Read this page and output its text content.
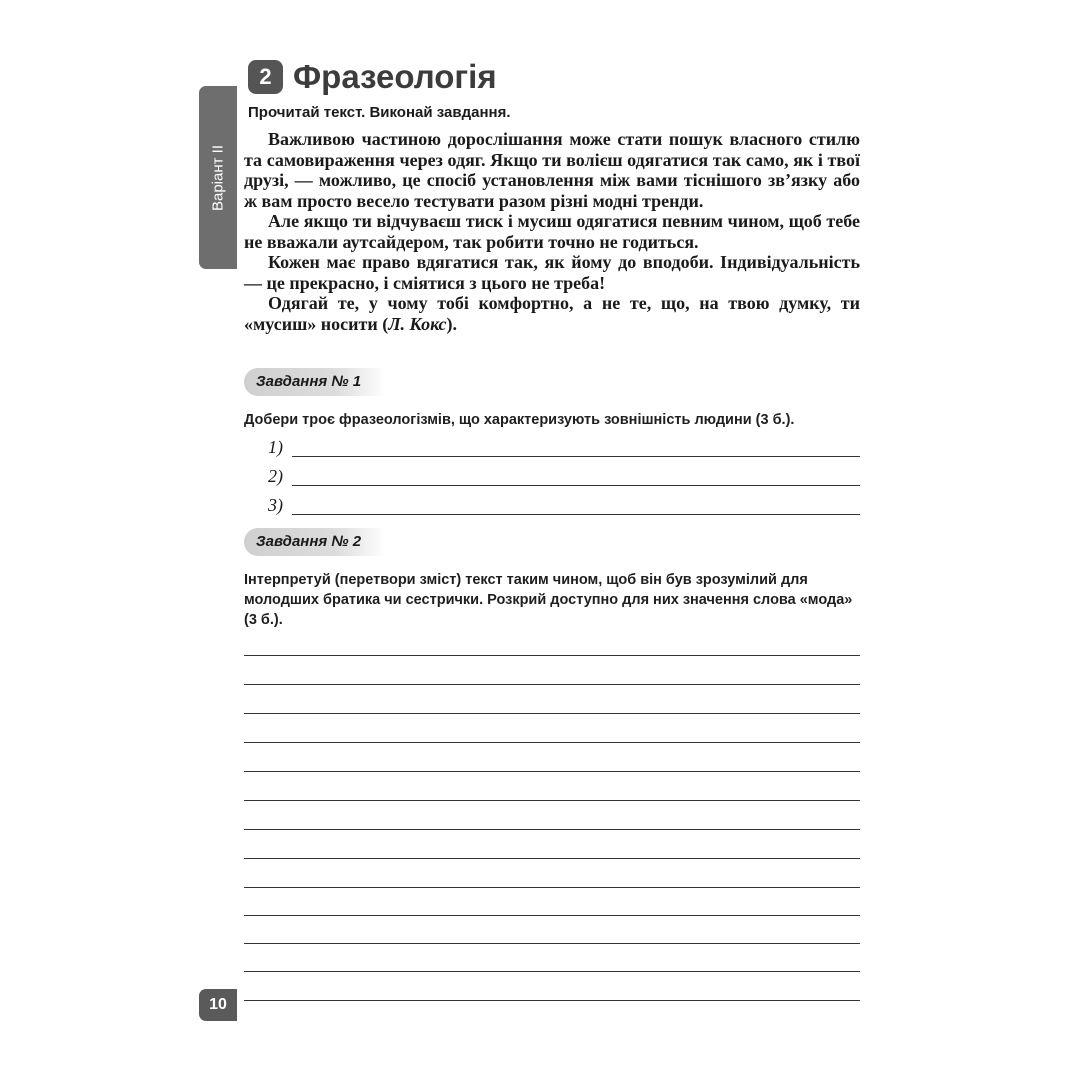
Варіант ІІ
2 Фразеологія
Прочитай текст. Виконай завдання.

Важливою частиною дорослішання може стати пошук власного стилю та самовираження через одяг. Якщо ти волієш одягатися так само, як і твої друзі, — можливо, це спосіб установлення між вами тіснішого зв’язку або ж вам просто весело тестувати разом різні модні тренди.

Але якщо ти відчуваєш тиск і мусиш одягатися певним чином, щоб тебе не вважали аутсайдером, так робити точно не годиться.

Кожен має право вдягатися так, як йому до вподоби. Індивідуальність — це прекрасно, і сміятися з цього не треба!

Одягай те, у чому тобі комфортно, а не те, що, на твою думку, ти «мусиш» носити (Л. Кокс).

Завдання № 1
Добери троє фразеологізмів, що характеризують зовнішність людини (3 б.).
1)
2)
3)
Завдання № 2
Інтерпретуй (перетвори зміст) текст таким чином, щоб він був зрозумілий для молодших братика чи сестрички. Розкрий доступно для них значення слова «мода» (3 б.).
10
